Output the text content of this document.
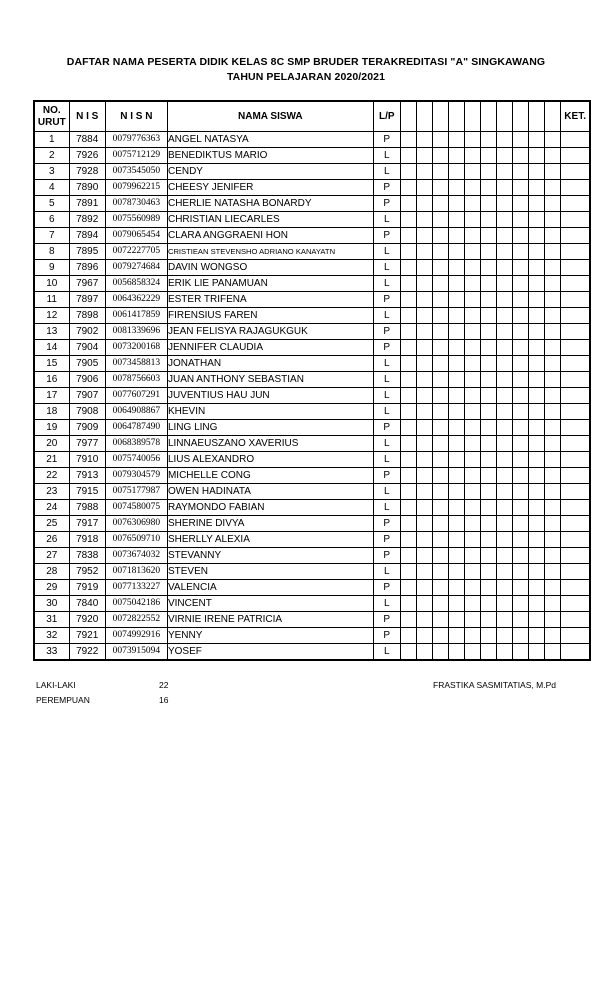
DAFTAR NAMA PESERTA DIDIK KELAS 8C SMP BRUDER TERAKREDITASI "A" SINGKAWANG
TAHUN PELAJARAN 2020/2021
NO. URUT	N I S	N I S N	NAMA SISWA	L/P											KET.
1	7884	0079776363	ANGEL NATASYA	P											
2	7926	0075712129	BENEDIKTUS MARIO	L											
3	7928	0073545050	CENDY	L											
4	7890	0079962215	CHEESY JENIFER	P											
5	7891	0078730463	CHERLIE NATASHA BONARDY	P											
6	7892	0075560989	CHRISTIAN LIECARLES	L											
7	7894	0079065454	CLARA ANGGRAENI HON	P											
8	7895	0072227705	CRISTIEAN STEVENSHO ADRIANO KANAYATN	L											
9	7896	0079274684	DAVIN WONGSO	L											
10	7967	0056858324	ERIK LIE PANAMUAN	L											
11	7897	0064362229	ESTER TRIFENA	P											
12	7898	0061417859	FIRENSIUS FAREN	L											
13	7902	0081339696	JEAN FELISYA RAJAGUKGUK	P											
14	7904	0073200168	JENNIFER CLAUDIA	P											
15	7905	0073458813	JONATHAN	L											
16	7906	0078756603	JUAN ANTHONY SEBASTIAN	L											
17	7907	0077607291	JUVENTIUS HAU JUN	L											
18	7908	0064908867	KHEVIN	L											
19	7909	0064787490	LING LING	P											
20	7977	0068389578	LINNAEUSZANO XAVERIUS	L											
21	7910	0075740056	LIUS ALEXANDRO	L											
22	7913	0079304579	MICHELLE CONG	P											
23	7915	0075177987	OWEN HADINATA	L											
24	7988	0074580075	RAYMONDO FABIAN	L											
25	7917	0076306980	SHERINE DIVYA	P											
26	7918	0076509710	SHERLLY ALEXIA	P											
27	7838	0073674032	STEVANNY	P											
28	7952	0071813620	STEVEN	L											
29	7919	0077133227	VALENCIA	P											
30	7840	0075042186	VINCENT	L											
31	7920	0072822552	VIRNIE IRENE PATRICIA	P											
32	7921	0074992916	YENNY	P											
33	7922	0073915094	YOSEF	L											
LAKI-LAKI	22
PEREMPUAN	16
FRASTIKA SASMITATIAS, M.Pd
